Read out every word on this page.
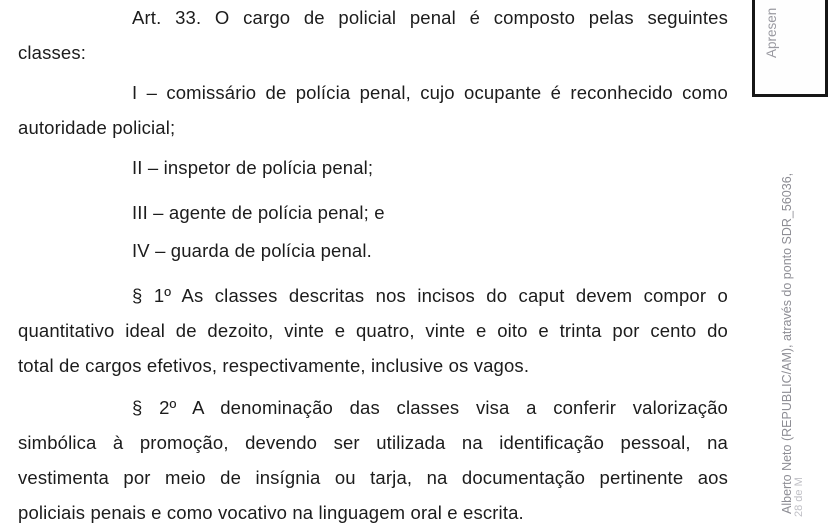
Art. 33. O cargo de policial penal é composto pelas seguintes
classes:
I – comissário de polícia penal, cujo ocupante é reconhecido como
autoridade policial;
II – inspetor de polícia penal;
III – agente de polícia penal; e
IV – guarda de polícia penal.
§ 1º As classes descritas nos incisos do caput devem compor o
quantitativo ideal de dezoito, vinte e quatro, vinte e oito e trinta por cento do
total de cargos efetivos, respectivamente, inclusive os vagos.
§ 2º A denominação das classes visa a conferir valorização
simbólica à promoção, devendo ser utilizada na identificação pessoal, na
vestimenta por meio de insígnia ou tarja, na documentação pertinente aos
policiais penais e como vocativo na linguagem oral e escrita.
Apresen
Alberto Neto (REPUBLIC/AM), através do ponto SDR_56036, 28 de M
